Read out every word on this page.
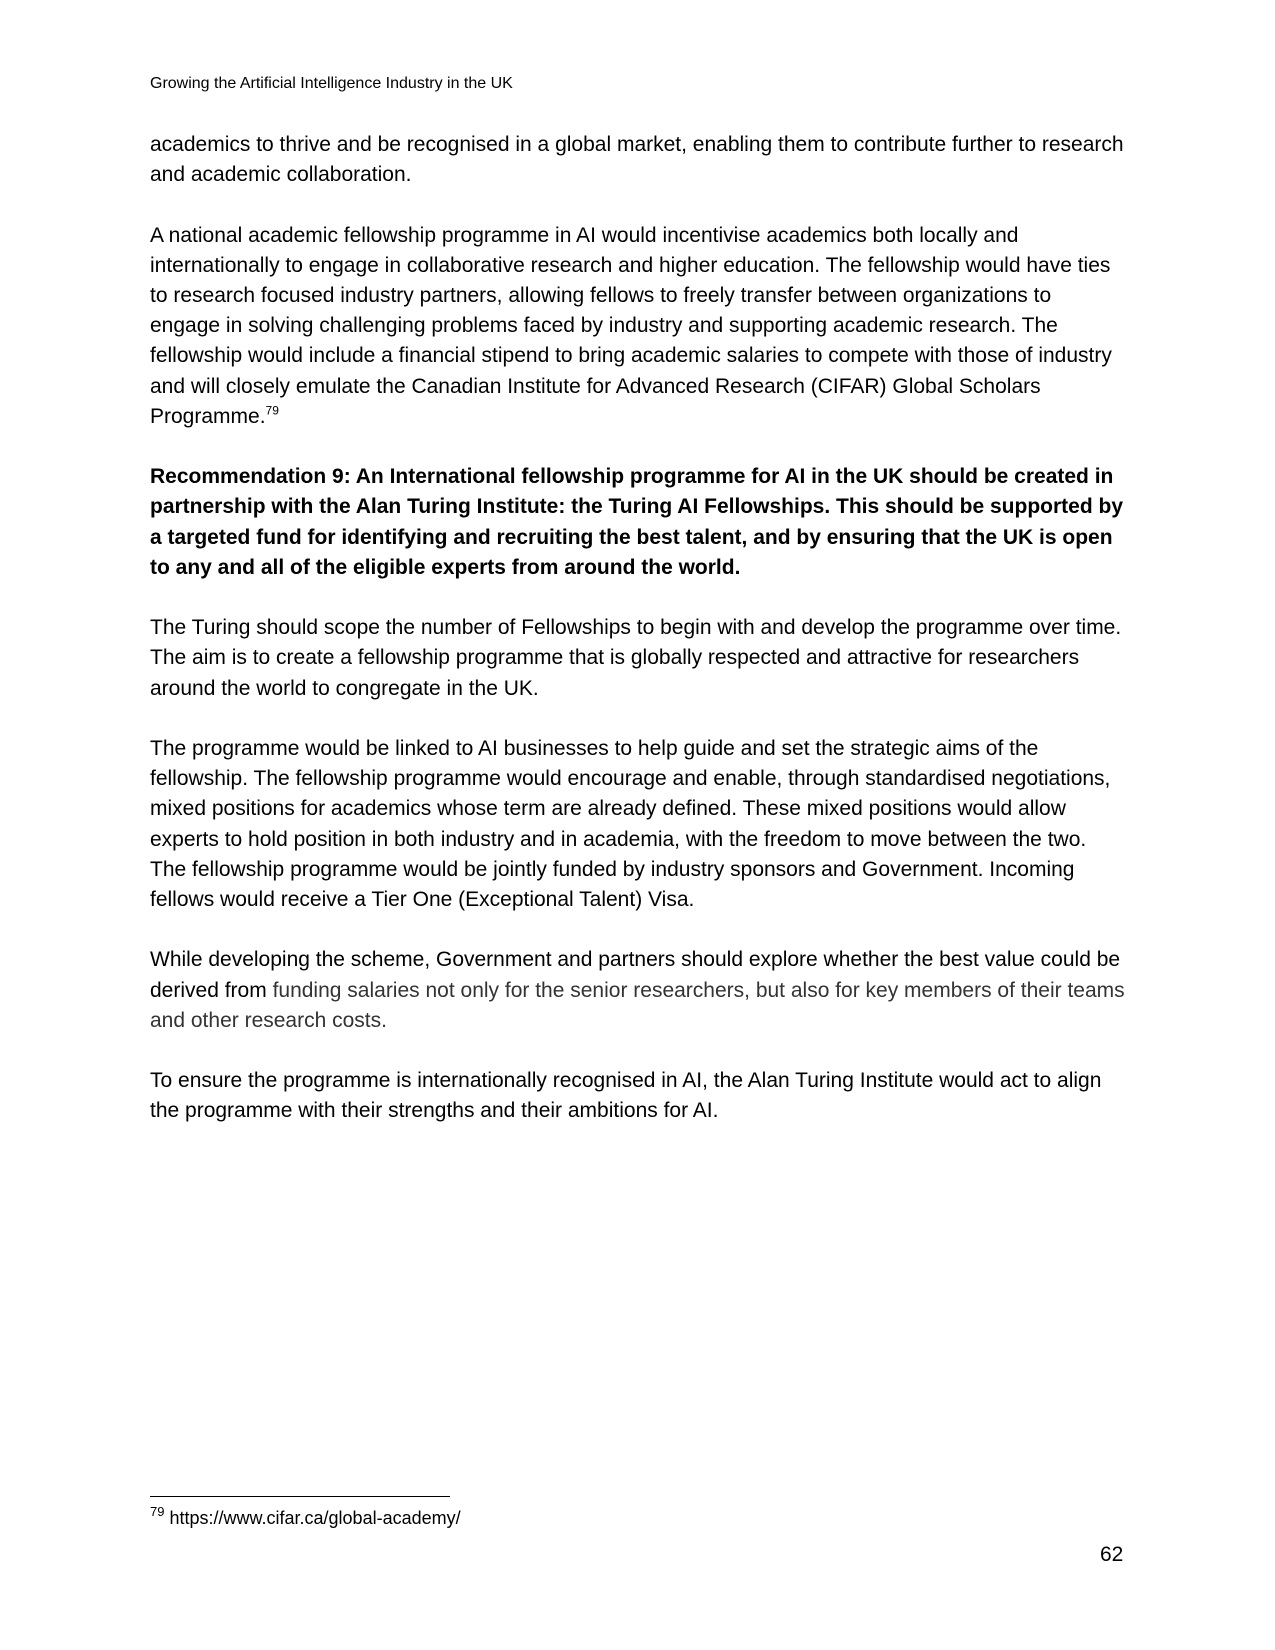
Growing the Artificial Intelligence Industry in the UK

academics to thrive and be recognised in a global market, enabling them to contribute further to research and academic collaboration.

A national academic fellowship programme in AI would incentivise academics both locally and internationally to engage in collaborative research and higher education. The fellowship would have ties to research focused industry partners, allowing fellows to freely transfer between organizations to engage in solving challenging problems faced by industry and supporting academic research. The fellowship would include a financial stipend to bring academic salaries to compete with those of industry and will closely emulate the Canadian Institute for Advanced Research (CIFAR) Global Scholars Programme.$^{79}$

Recommendation 9: An International fellowship programme for AI in the UK should be created in partnership with the Alan Turing Institute: the Turing AI Fellowships. This should be supported by a targeted fund for identifying and recruiting the best talent, and by ensuring that the UK is open to any and all of the eligible experts from around the world.

The Turing should scope the number of Fellowships to begin with and develop the programme over time. The aim is to create a fellowship programme that is globally respected and attractive for researchers around the world to congregate in the UK.

The programme would be linked to AI businesses to help guide and set the strategic aims of the fellowship. The fellowship programme would encourage and enable, through standardised negotiations, mixed positions for academics whose term are already defined. These mixed positions would allow experts to hold position in both industry and in academia, with the freedom to move between the two. The fellowship programme would be jointly funded by industry sponsors and Government. Incoming fellows would receive a Tier One (Exceptional Talent) Visa.

While developing the scheme, Government and partners should explore whether the best value could be derived from funding salaries not only for the senior researchers, but also for key members of their teams and other research costs.

To ensure the programme is internationally recognised in AI, the Alan Turing Institute would act to align the programme with their strengths and their ambitions for AI.

$^{79}$ https://www.cifar.ca/global-academy/
62
